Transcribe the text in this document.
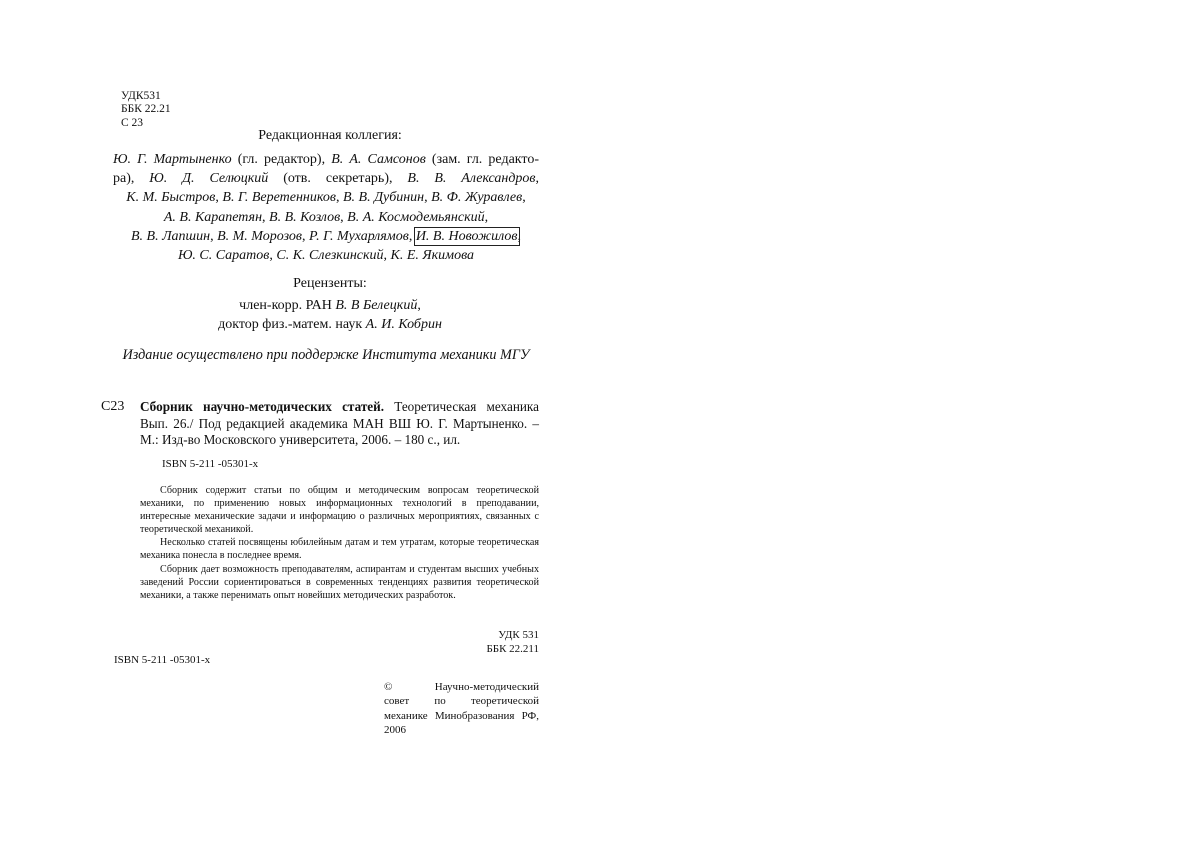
УДК531
ББК 22.21
С 23
Редакционная коллегия:
Ю. Г. Мартыненко (гл. редактор), В. А. Самсонов (зам. гл. редакто-
ра), Ю. Д. Селюцкий (отв. секретарь), В. В. Александров,
К. М. Быстров, В. Г. Веретенников, В. В. Дубинин, В. Ф. Журавлев,
А. В. Карапетян, В. В. Козлов, В. А. Космодемьянский,
В. В. Лапшин, В. М. Морозов, Р. Г. Мухарлямов, И. В. Новожилов,
Ю. С. Саратов, С. К. Слезкинский, К. Е. Якимова
Рецензенты:
член-корр. РАН В. В Белецкий,
доктор физ.-матем. наук А. И. Кобрин
Издание осуществлено при поддержке Института механики МГУ
С23 Сборник научно-методических статей. Теоретическая механика Вып. 26./ Под редакцией академика МАН ВШ Ю. Г. Мартыненко. – М.: Изд-во Московского университета, 2006. – 180 с., ил.
ISBN 5-211 -05301-х

Сборник содержит статьи по общим и методическим вопросам теоретической механики, по применению новых информационных технологий в преподавании, интересные механические задачи и информацию о различных мероприятиях, связанных с теоретической механикой.

Несколько статей посвящены юбилейным датам и тем утратам, которые теоретическая механика понесла в последнее время.

Сборник дает возможность преподавателям, аспирантам и студентам высших учебных заведений России сориентироваться в современных тенденциях развития теоретической механики, а также перенимать опыт новейших методических разработок.

УДК 531
ББК 22.211
ISBN 5-211 -05301-х
© Научно-методический
совет по теоретической механике Минобразования РФ, 2006
